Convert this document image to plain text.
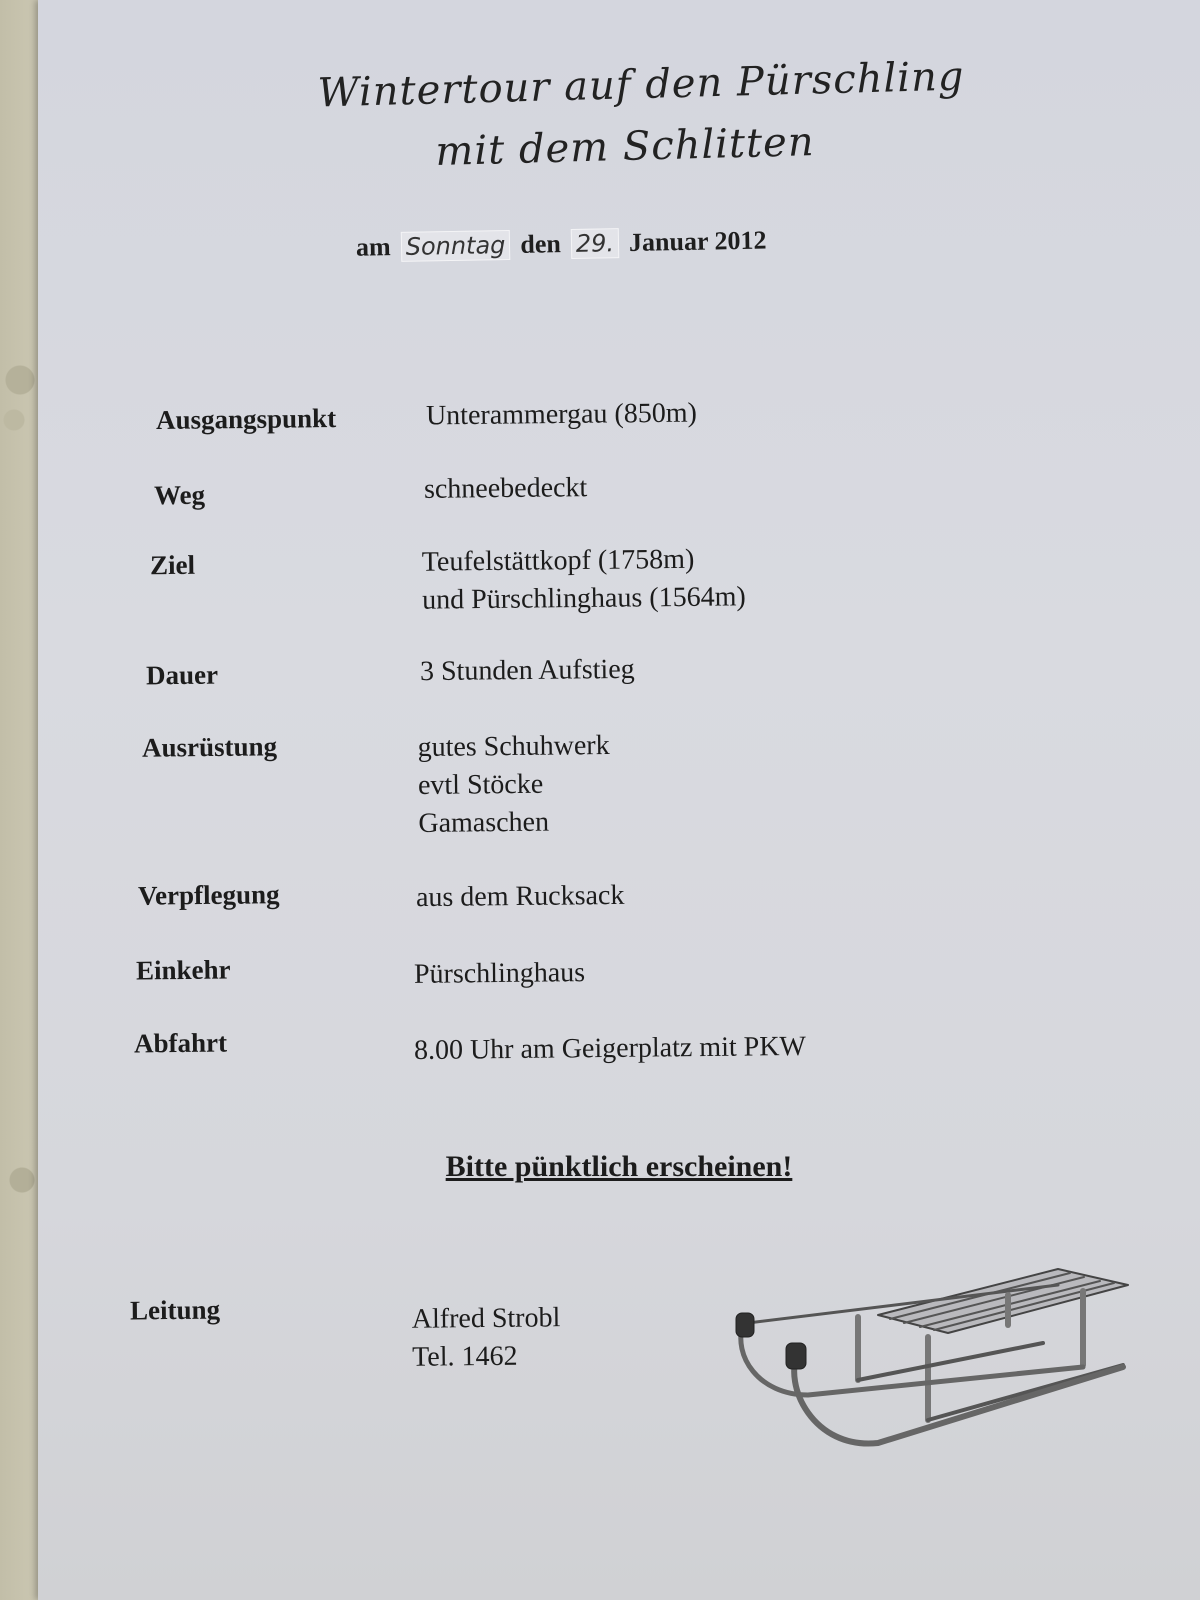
Wintertour auf den Pürschling
mit dem Schlitten
am Sonntag den 29. Januar 2012
Ausgangspunkt	Unterammergau (850m)
Weg	schneebedeckt
Ziel	Teufelstättkopf (1758m)
und Pürschlinghaus (1564m)
Dauer	3 Stunden Aufstieg
Ausrüstung	gutes Schuhwerk
evtl Stöcke
Gamaschen
Verpflegung	aus dem Rucksack
Einkehr	Pürschlinghaus
Abfahrt	8.00 Uhr am Geigerplatz mit PKW
Bitte pünktlich erscheinen!
Leitung	Alfred Strobl
Tel. 1462
